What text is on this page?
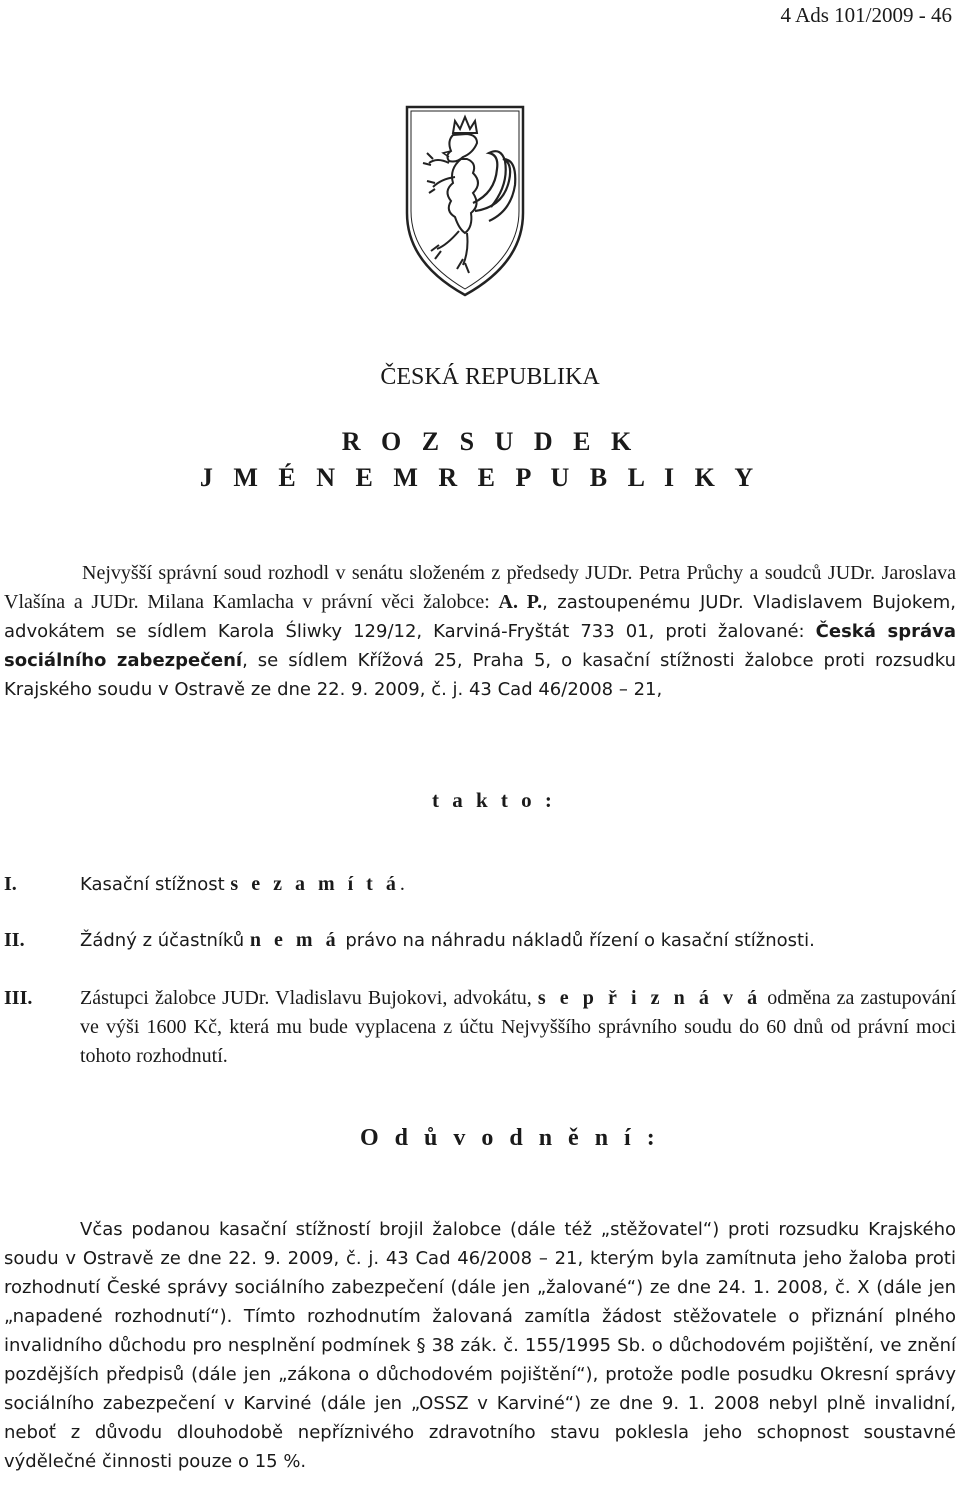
4 Ads 101/2009 - 46
ČESKÁ REPUBLIKA
R O Z S U D E K
J M É N E M R E P U B L I K Y
Nejvyšší správní soud rozhodl v senátu složeném z předsedy JUDr. Petra Průchy a soudců JUDr. Jaroslava Vlašína a JUDr. Milana Kamlacha v právní věci žalobce: A. P., zastoupenému JUDr. Vladislavem Bujokem, advokátem se sídlem Karola Śliwky 129/12, Karviná-Fryštát 733 01, proti žalované: Česká správa sociálního zabezpečení, se sídlem Křížová 25, Praha 5, o kasační stížnosti žalobce proti rozsudku Krajského soudu v Ostravě ze dne 22. 9. 2009, č. j. 43 Cad 46/2008 – 21,
t a k t o :
I.	Kasační stížnost s e z a m í t á.
II.	Žádný z účastníků n e m á právo na náhradu nákladů řízení o kasační stížnosti.
III. Zástupci žalobce JUDr. Vladislavu Bujokovi, advokátu, s e p ř i z n á v á odměna za zastupování ve výši 1600 Kč, která mu bude vyplacena z účtu Nejvyššího správního soudu do 60 dnů od právní moci tohoto rozhodnutí.
O d ů v o d n ě n í :
Včas podanou kasační stížností brojil žalobce (dále též „stěžovatel“) proti rozsudku Krajského soudu v Ostravě ze dne 22. 9. 2009, č. j. 43 Cad 46/2008 – 21, kterým byla zamítnuta jeho žaloba proti rozhodnutí České správy sociálního zabezpečení (dále jen „žalované“) ze dne 24. 1. 2008, č. X (dále jen „napadené rozhodnutí“). Tímto rozhodnutím žalovaná zamítla žádost stěžovatele o přiznání plného invalidního důchodu pro nesplnění podmínek § 38 zák. č. 155/1995 Sb. o důchodovém pojištění, ve znění pozdějších předpisů (dále jen „zákona o důchodovém pojištění“), protože podle posudku Okresní správy sociálního zabezpečení v Karviné (dále jen „OSSZ v Karviné“) ze dne 9. 1. 2008 nebyl plně invalidní, neboť z důvodu dlouhodobě nepříznivého zdravotního stavu poklesla jeho schopnost soustavné výdělečné činnosti pouze o 15 %.
